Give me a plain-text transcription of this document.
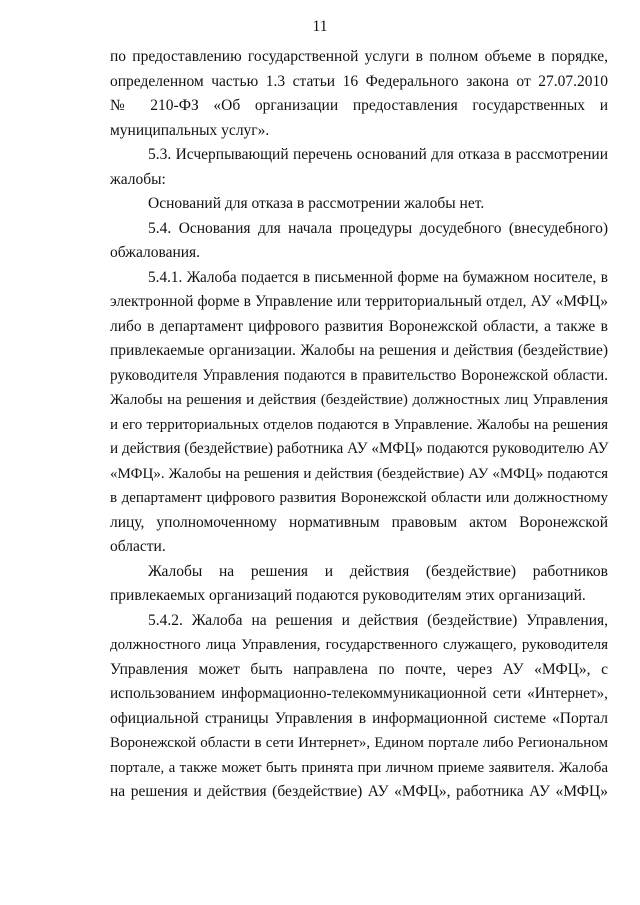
11
по предоставлению государственной услуги в полном объеме в порядке,
определенном частью 1.3 статьи 16 Федерального закона от 27.07.2010
№ 210-ФЗ «Об организации предоставления государственных и
муниципальных услуг».
5.3. Исчерпывающий перечень оснований для отказа в рассмотрении
жалобы:
Оснований для отказа в рассмотрении жалобы нет.
5.4. Основания для начала процедуры досудебного (внесудебного)
обжалования.
5.4.1. Жалоба подается в письменной форме на бумажном носителе, в
электронной форме в Управление или территориальный отдел, АУ «МФЦ»
либо в департамент цифрового развития Воронежской области, а также в
привлекаемые организации. Жалобы на решения и действия (бездействие)
руководителя Управления подаются в правительство Воронежской области.
Жалобы на решения и действия (бездействие) должностных лиц Управления
и его территориальных отделов подаются в Управление. Жалобы на решения
и действия (бездействие) работника АУ «МФЦ» подаются руководителю АУ
«МФЦ». Жалобы на решения и действия (бездействие) АУ «МФЦ» подаются
в департамент цифрового развития Воронежской области или должностному
лицу, уполномоченному нормативным правовым актом Воронежской
области.
Жалобы на решения и действия (бездействие) работников
привлекаемых организаций подаются руководителям этих организаций.
5.4.2. Жалоба на решения и действия (бездействие) Управления,
должностного лица Управления, государственного служащего, руководителя
Управления может быть направлена по почте, через АУ «МФЦ», с
использованием информационно-телекоммуникационной сети «Интернет»,
официальной страницы Управления в информационной системе «Портал
Воронежской области в сети Интернет», Едином портале либо Региональном
портале, а также может быть принята при личном приеме заявителя. Жалоба
на решения и действия (бездействие) АУ «МФЦ», работника АУ «МФЦ»
